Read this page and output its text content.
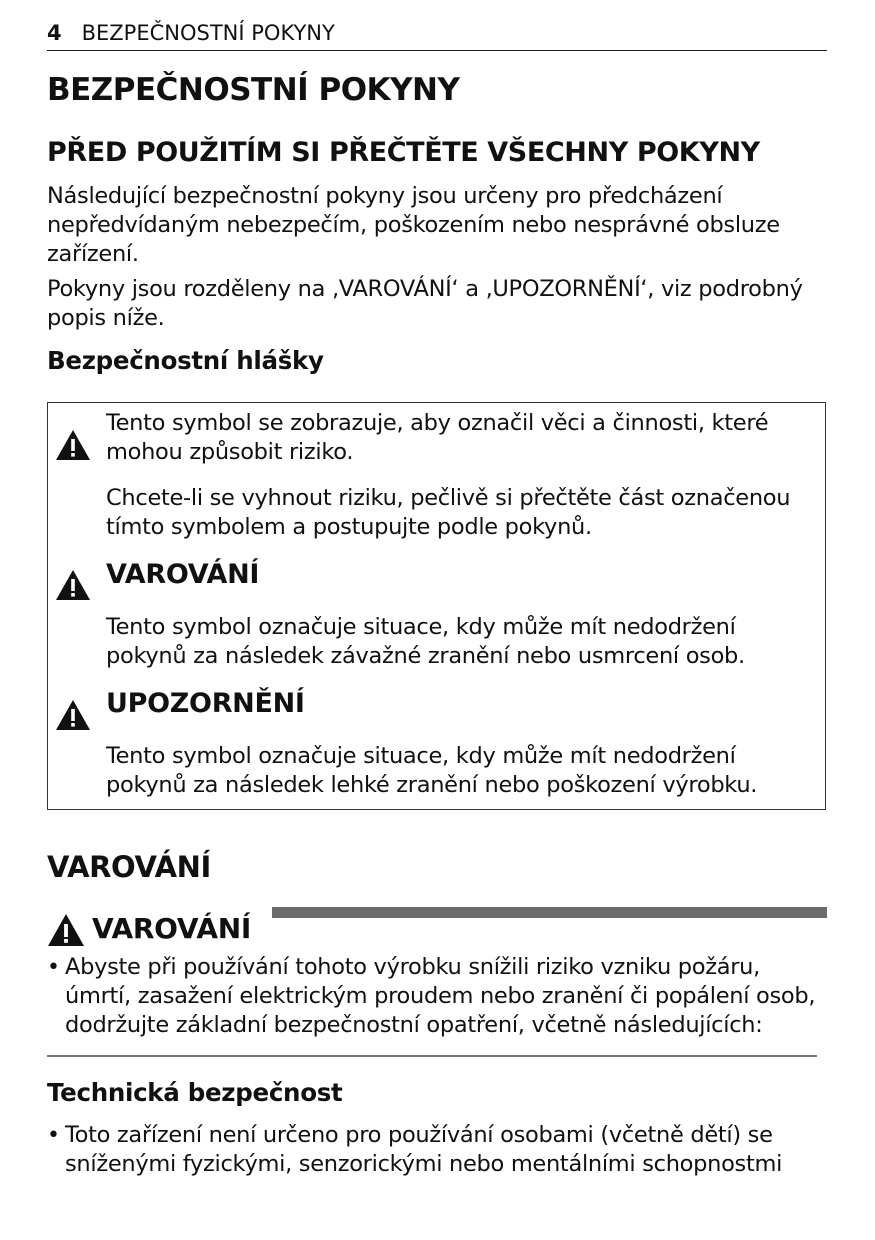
4 BEZPEČNOSTNÍ POKYNY
BEZPEČNOSTNÍ POKYNY
PŘED POUŽITÍM SI PŘEČTĚTE VŠECHNY POKYNY

Následující bezpečnostní pokyny jsou určeny pro předcházení nepředvídaným nebezpečím, poškozením nebo nesprávné obsluze zařízení.

Pokyny jsou rozděleny na ‚VAROVÁNÍ‘ a ‚UPOZORNĚNÍ‘, viz podrobný popis níže.

Bezpečnostní hlášky

Tento symbol se zobrazuje, aby označil věci a činnosti, které mohou způsobit riziko.

Chcete-li se vyhnout riziku, pečlivě si přečtěte část označenou tímto symbolem a postupujte podle pokynů.

VAROVÁNÍ

Tento symbol označuje situace, kdy může mít nedodržení pokynů za následek závažné zranění nebo usmrcení osob.

UPOZORNĚNÍ

Tento symbol označuje situace, kdy může mít nedodržení pokynů za následek lehké zranění nebo poškození výrobku.

VAROVÁNÍ

VAROVÁNÍ

• Abyste při používání tohoto výrobku snížili riziko vzniku požáru, úmrtí, zasažení elektrickým proudem nebo zranění či popálení osob, dodržujte základní bezpečnostní opatření, včetně následujících:

Technická bezpečnost
• Toto zařízení není určeno pro používání osobami (včetně dětí) se sníženými fyzickými, senzorickými nebo mentálními schopnostmi
